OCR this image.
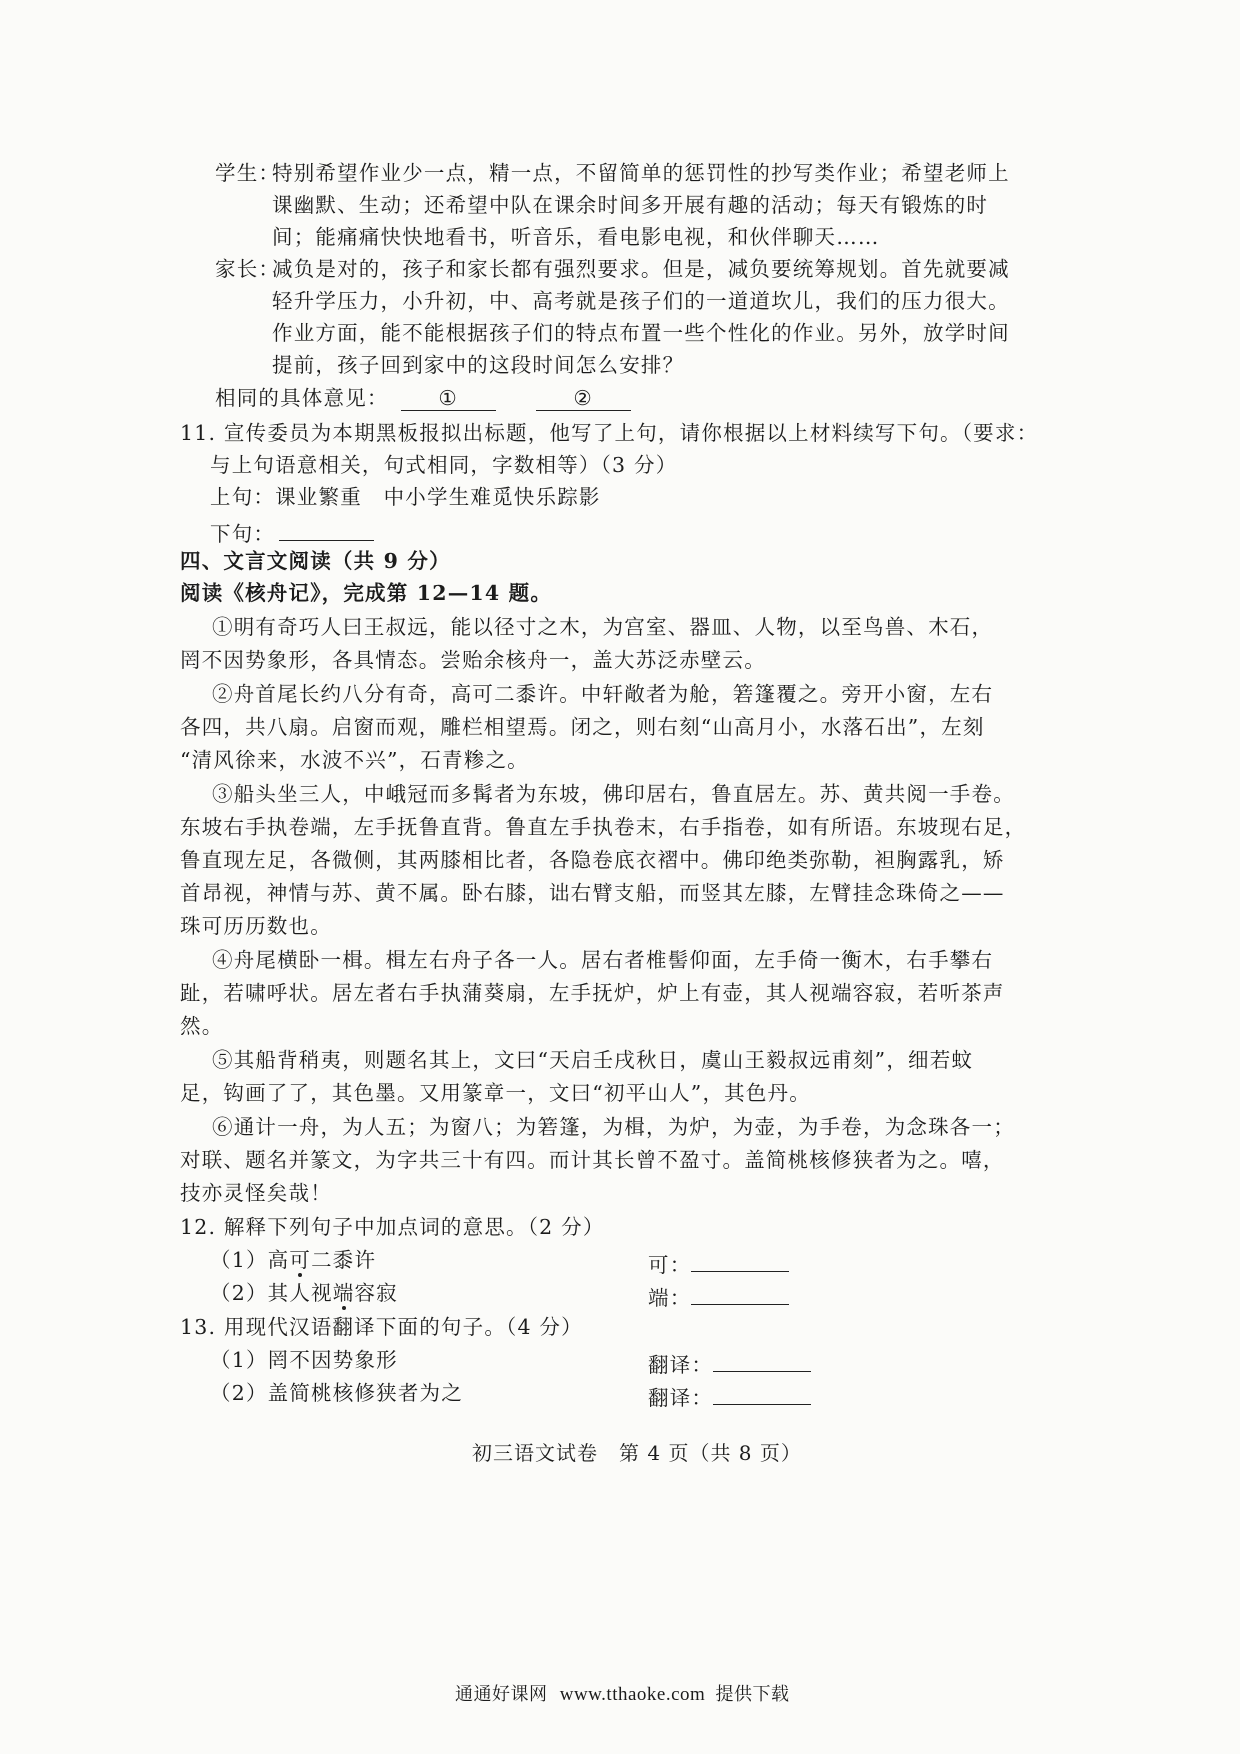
学生：
特别希望作业少一点，精一点，不留简单的惩罚性的抄写类作业；希望老师上
课幽默、生动；还希望中队在课余时间多开展有趣的活动；每天有锻炼的时
间；能痛痛快快地看书，听音乐，看电影电视，和伙伴聊天……
家长：
减负是对的，孩子和家长都有强烈要求。但是，减负要统筹规划。首先就要减
轻升学压力，小升初，中、高考就是孩子们的一道道坎儿，我们的压力很大。
作业方面，能不能根据孩子们的特点布置一些个性化的作业。另外，放学时间
提前，孩子回到家中的这段时间怎么安排？
相同的具体意见： ①	②
11. 宣传委员为本期黑板报拟出标题，他写了上句，请你根据以上材料续写下句。（要求：
与上句语意相关，句式相同，字数相等）（3 分）
上句：课业繁重　中小学生难觅快乐踪影
下句：
四、文言文阅读（共 9 分）
阅读《核舟记》，完成第 12—14 题。
①明有奇巧人曰王叔远，能以径寸之木，为宫室、器皿、人物，以至鸟兽、木石，
罔不因势象形，各具情态。尝贻余核舟一，盖大苏泛赤壁云。
②舟首尾长约八分有奇，高可二黍许。中轩敞者为舱，箬篷覆之。旁开小窗，左右
各四，共八扇。启窗而观，雕栏相望焉。闭之，则右刻“山高月小，水落石出”，左刻
“清风徐来，水波不兴”，石青糁之。
③船头坐三人，中峨冠而多髯者为东坡，佛印居右，鲁直居左。苏、黄共阅一手卷。
东坡右手执卷端，左手抚鲁直背。鲁直左手执卷末，右手指卷，如有所语。东坡现右足，
鲁直现左足，各微侧，其两膝相比者，各隐卷底衣褶中。佛印绝类弥勒，袒胸露乳，矫
首昂视，神情与苏、黄不属。卧右膝，诎右臂支船，而竖其左膝，左臂挂念珠倚之——
珠可历历数也。
④舟尾横卧一楫。楫左右舟子各一人。居右者椎髻仰面，左手倚一衡木，右手攀右
趾，若啸呼状。居左者右手执蒲葵扇，左手抚炉，炉上有壶，其人视端容寂，若听茶声
然。
⑤其船背稍夷，则题名其上，文曰“天启壬戌秋日，虞山王毅叔远甫刻”，细若蚊
足，钩画了了，其色墨。又用篆章一，文曰“初平山人”，其色丹。
⑥通计一舟，为人五；为窗八；为箬篷，为楫，为炉，为壶，为手卷，为念珠各一；
对联、题名并篆文，为字共三十有四。而计其长曾不盈寸。盖简桃核修狭者为之。嘻，
技亦灵怪矣哉！
12. 解释下列句子中加点词的意思。（2 分）
（1）高可二黍许	可：
（2）其人视端容寂	端：
13. 用现代汉语翻译下面的句子。（4 分）
（1）罔不因势象形	翻译：
（2）盖简桃核修狭者为之	翻译：
初三语文试卷　第 4 页（共 8 页）
通通好课网 www.tthaoke.com 提供下载
